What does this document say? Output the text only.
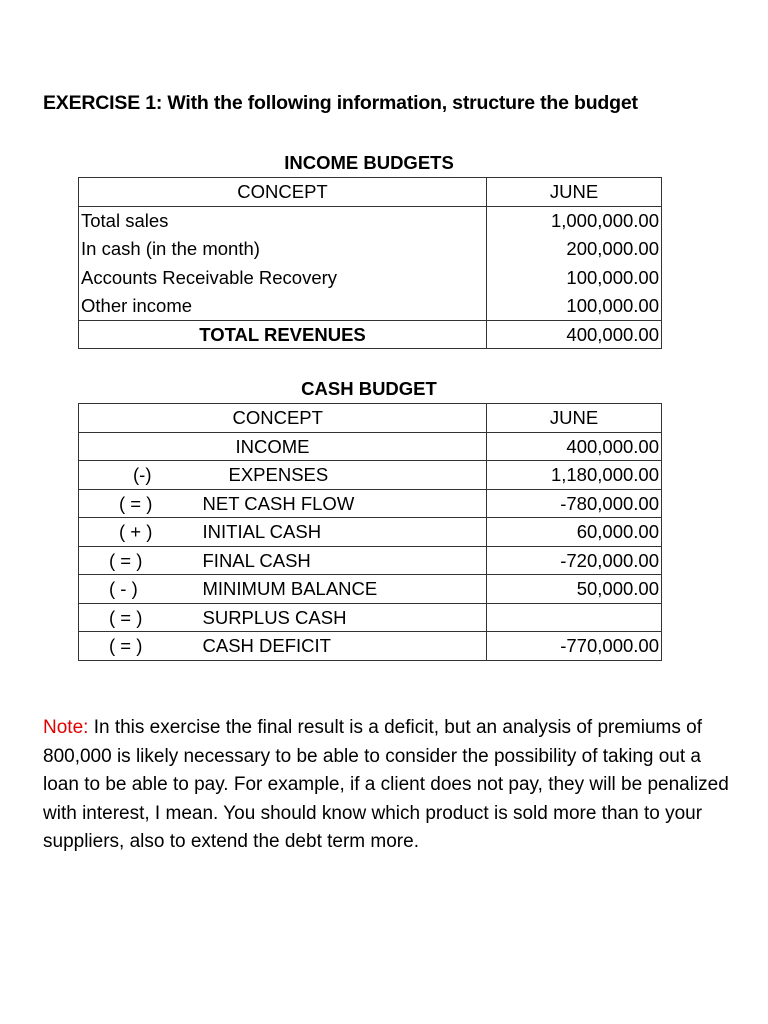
EXERCISE 1: With the following information, structure the budget
INCOME BUDGETS
CONCEPT	JUNE
Total sales	1,000,000.00
In cash (in the month)	200,000.00
Accounts Receivable Recovery	100,000.00
Other income	100,000.00
TOTAL REVENUES	400,000.00
CASH BUDGET
	CONCEPT	JUNE
	INCOME	400,000.00
(-)	EXPENSES	1,180,000.00
( = )	NET CASH FLOW	-780,000.00
( + )	INITIAL CASH	60,000.00
( = )	FINAL CASH	-720,000.00
( - )	MINIMUM BALANCE	50,000.00
( = )	SURPLUS CASH	
( = )	CASH DEFICIT	-770,000.00

Note: In this exercise the final result is a deficit, but an analysis of premiums of 800,000 is likely necessary to be able to consider the possibility of taking out a loan to be able to pay. For example, if a client does not pay, they will be penalized with interest, I mean. You should know which product is sold more than to your suppliers, also to extend the debt term more.
